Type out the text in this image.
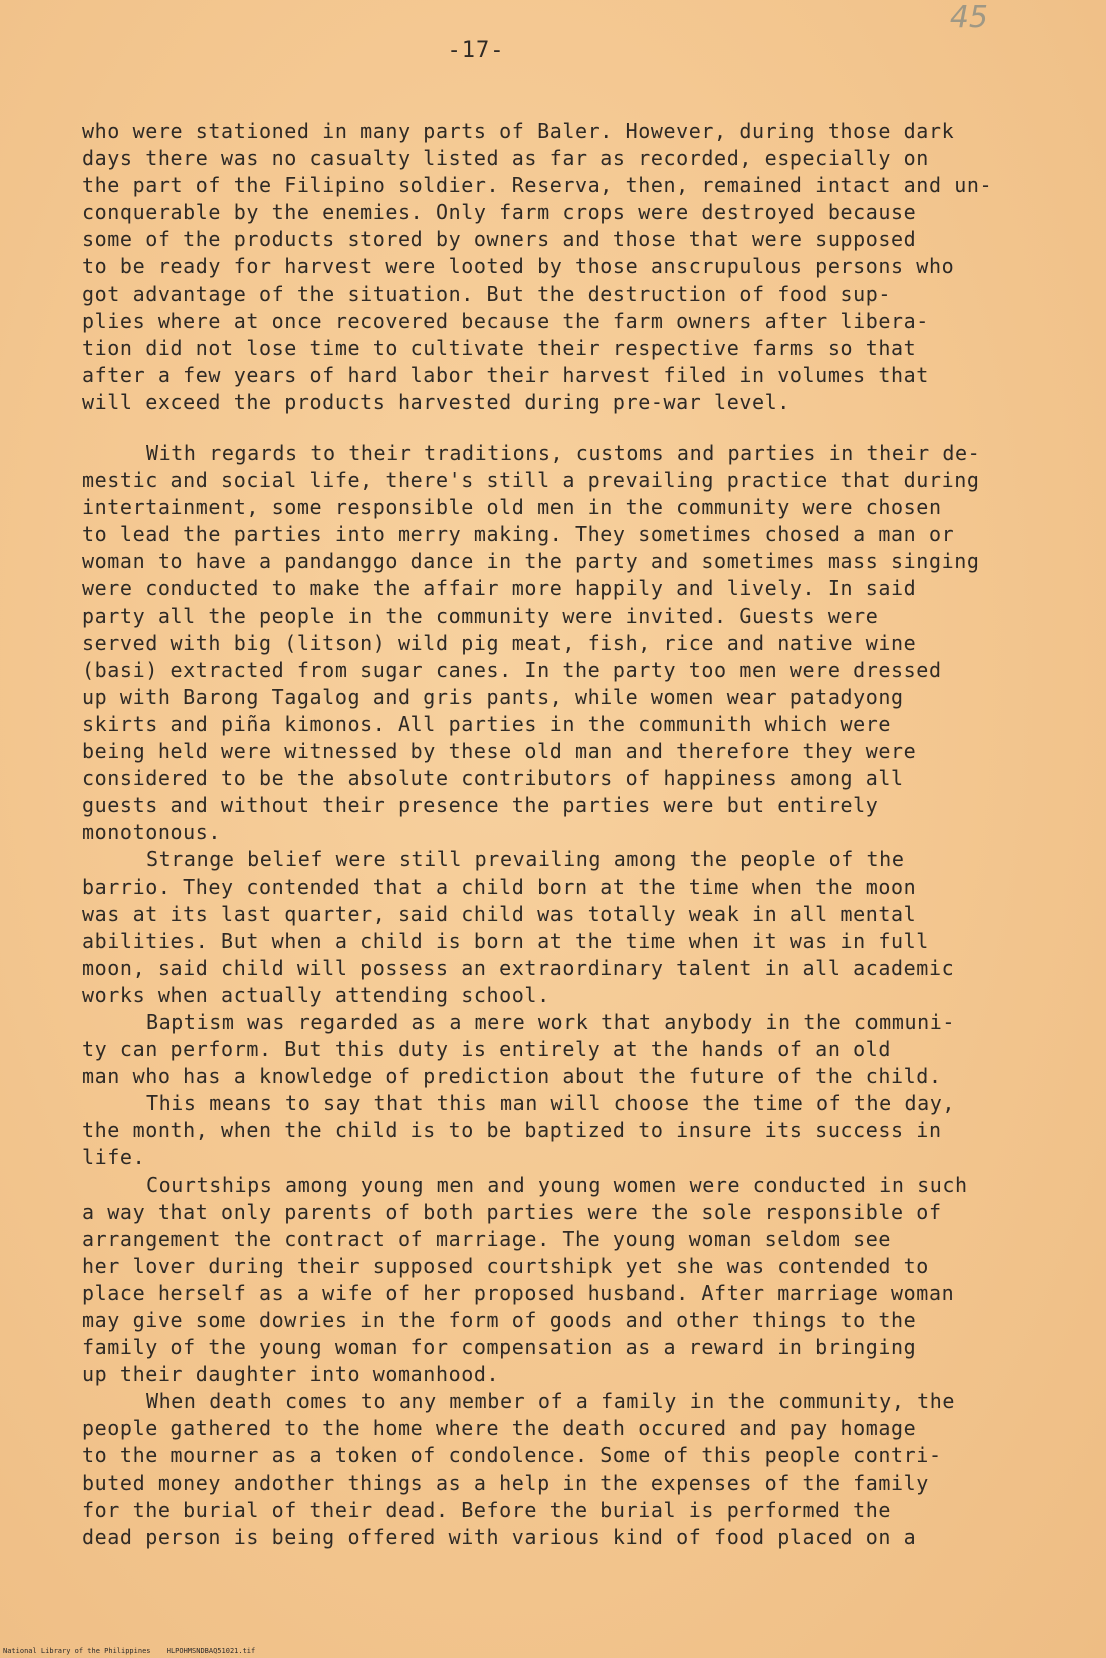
45
-17-
who were stationed in many parts of Baler. However, during those dark
days there was no casualty listed as far as recorded, especially on
the part of the Filipino soldier. Reserva, then, remained intact and un-
conquerable by the enemies. Only farm crops were destroyed because
some of the products stored by owners and those that were supposed
to be ready for harvest were looted by those anscrupulous persons who
got advantage of the situation. But the destruction of food sup-
plies where at once recovered because the farm owners after libera-
tion did not lose time to cultivate their respective farms so that
after a few years of hard labor their harvest filed in volumes that
will exceed the products harvested during pre-war level.
With regards to their traditions, customs and parties in their de-
mestic and social life, there's still a prevailing practice that during
intertainment, some responsible old men in the community were chosen
to lead the parties into merry making. They sometimes chosed a man or
woman to have a pandanggo dance in the party and sometimes mass singing
were conducted to make the affair more happily and lively. In said
party all the people in the community were invited. Guests were
served with big (litson) wild pig meat, fish, rice and native wine
(basi) extracted from sugar canes. In the party too men were dressed
up with Barong Tagalog and gris pants, while women wear patadyong
skirts and piña kimonos. All parties in the communith which were
being held were witnessed by these old man and therefore they were
considered to be the absolute contributors of happiness among all
guests and without their presence the parties were but entirely
monotonous.
Strange belief were still prevailing among the people of the
barrio. They contended that a child born at the time when the moon
was at its last quarter, said child was totally weak in all mental
abilities. But when a child is born at the time when it was in full
moon, said child will possess an extraordinary talent in all academic
works when actually attending school.
Baptism was regarded as a mere work that anybody in the communi-
ty can perform. But this duty is entirely at the hands of an old
man who has a knowledge of prediction about the future of the child.
This means to say that this man will choose the time of the day,
the month, when the child is to be baptized to insure its success in
life.
Courtships among young men and young women were conducted in such
a way that only parents of both parties were the sole responsible of
arrangement the contract of marriage. The young woman seldom see
her lover during their supposed courtshipk yet she was contended to
place herself as a wife of her proposed husband. After marriage woman
may give some dowries in the form of goods and other things to the
family of the young woman for compensation as a reward in bringing
up their daughter into womanhood.
When death comes to any member of a family in the community, the
people gathered to the home where the death occured and pay homage
to the mourner as a token of condolence. Some of this people contri-
buted money andother things as a help in the expenses of the family
for the burial of their dead. Before the burial is performed the
dead person is being offered with various kind of food placed on a
National Library of the Philippines HLPOHMSNDBAQ51021.tif
